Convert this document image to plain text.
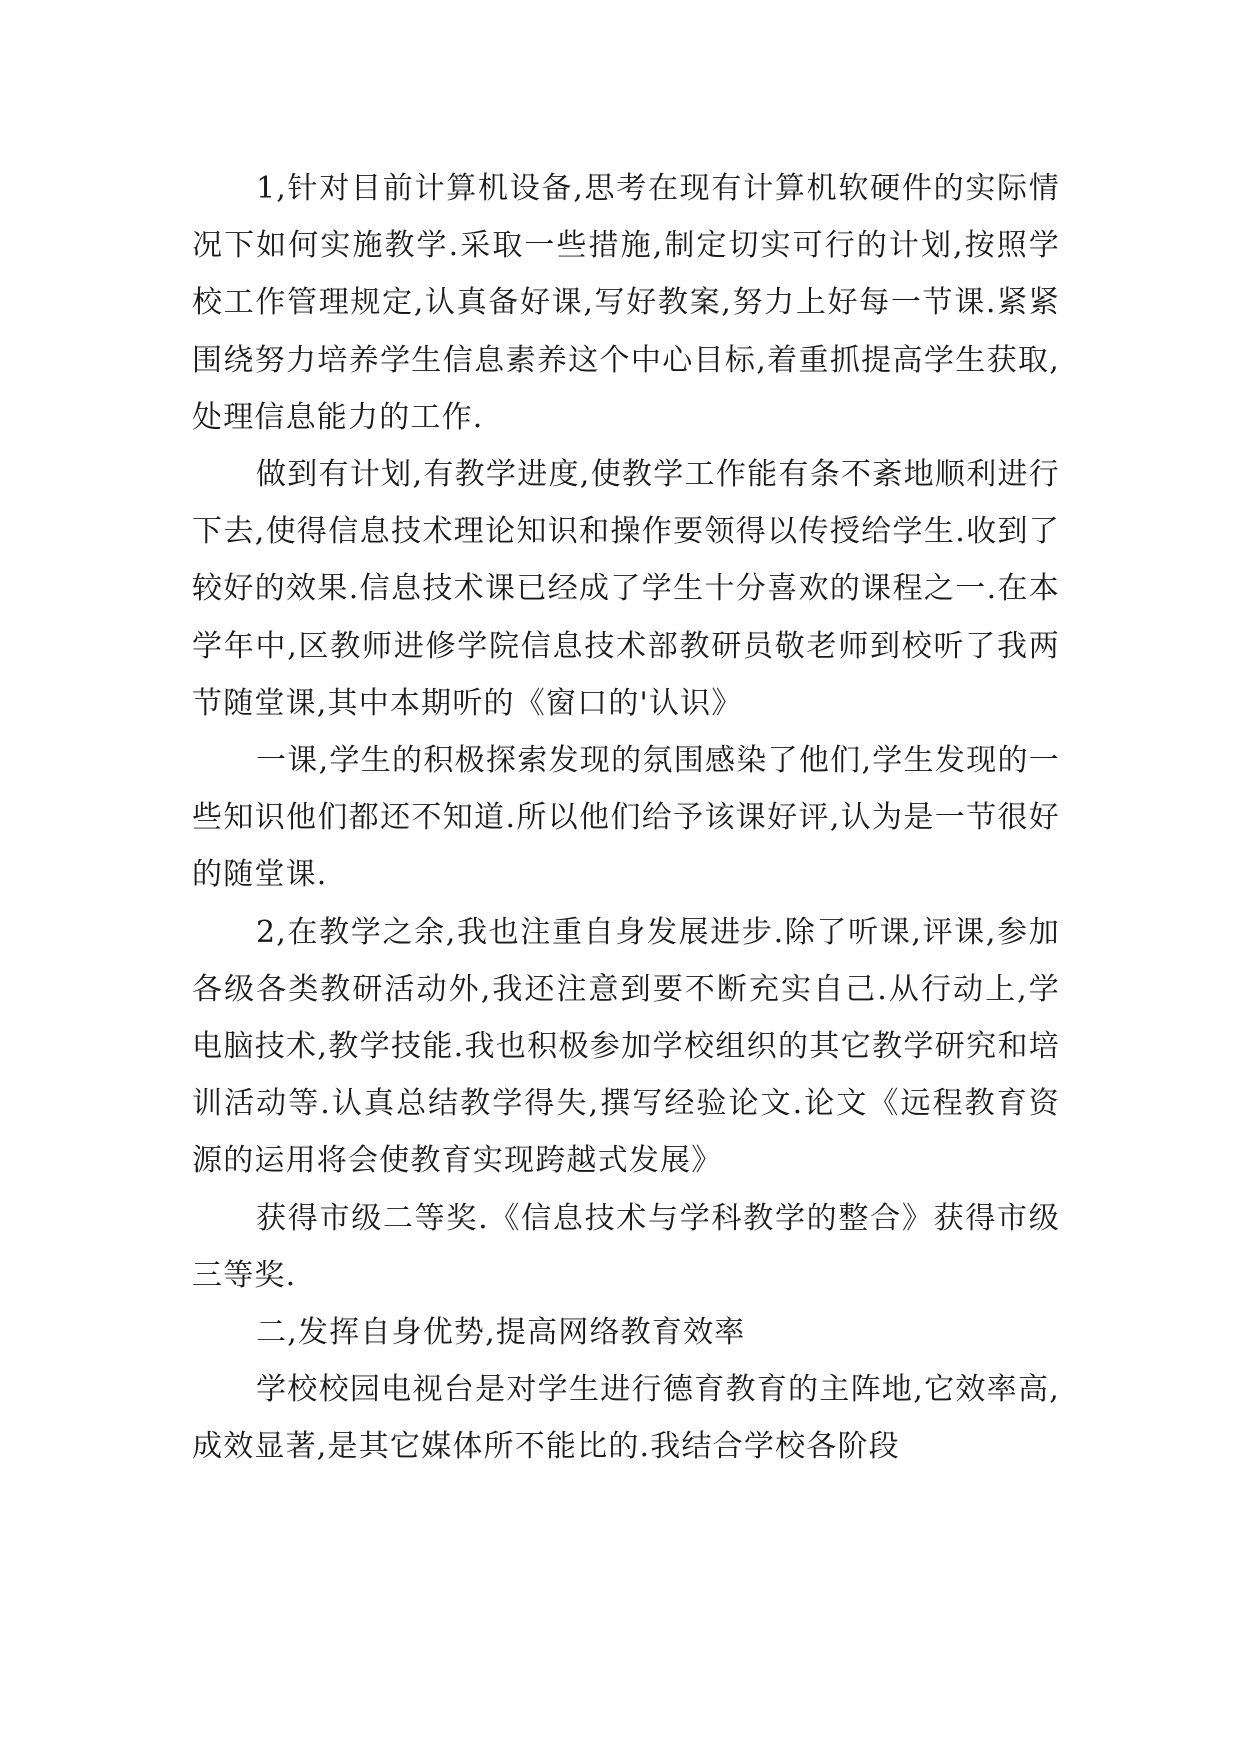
1,针对目前计算机设备,思考在现有计算机软硬件的实际情况下如何实施教学.采取一些措施,制定切实可行的计划,按照学校工作管理规定,认真备好课,写好教案,努力上好每一节课.紧紧围绕努力培养学生信息素养这个中心目标,着重抓提高学生获取,处理信息能力的工作.

做到有计划,有教学进度,使教学工作能有条不紊地顺利进行下去,使得信息技术理论知识和操作要领得以传授给学生.收到了较好的效果.信息技术课已经成了学生十分喜欢的课程之一.在本学年中,区教师进修学院信息技术部教研员敬老师到校听了我两节随堂课,其中本期听的《窗口的'认识》

一课,学生的积极探索发现的氛围感染了他们,学生发现的一些知识他们都还不知道.所以他们给予该课好评,认为是一节很好的随堂课.

2,在教学之余,我也注重自身发展进步.除了听课,评课,参加各级各类教研活动外,我还注意到要不断充实自己.从行动上,学电脑技术,教学技能.我也积极参加学校组织的其它教学研究和培训活动等.认真总结教学得失,撰写经验论文.论文《远程教育资源的运用将会使教育实现跨越式发展》

获得市级二等奖.《信息技术与学科教学的整合》获得市级三等奖.

二,发挥自身优势,提高网络教育效率

学校校园电视台是对学生进行德育教育的主阵地,它效率高,成效显著,是其它媒体所不能比的.我结合学校各阶段
